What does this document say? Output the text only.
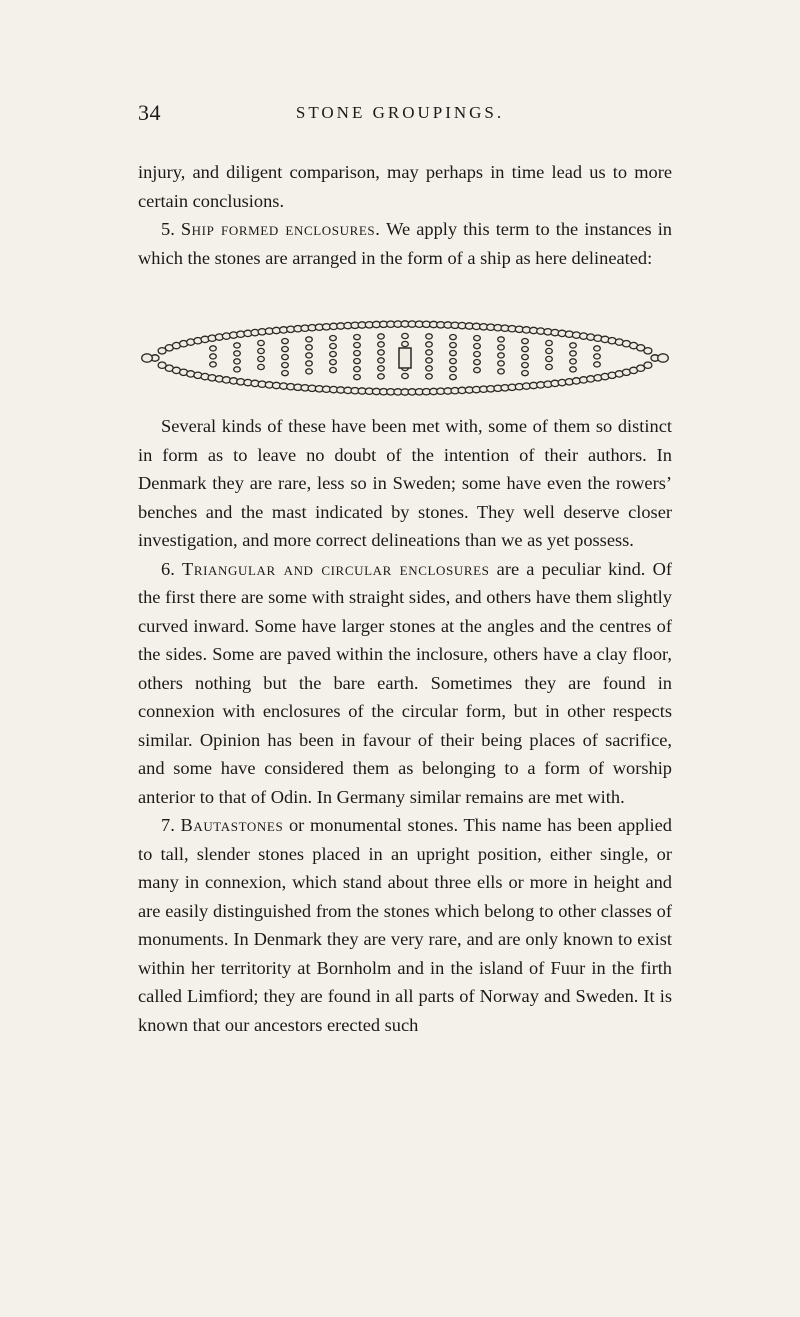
34	STONE GROUPINGS.

injury, and diligent comparison, may perhaps in time lead us to more certain conclusions.

5. Ship formed enclosures. We apply this term to the instances in which the stones are arranged in the form of a ship as here delineated:

Several kinds of these have been met with, some of them so distinct in form as to leave no doubt of the intention of their authors. In Denmark they are rare, less so in Sweden; some have even the rowers’ benches and the mast indicated by stones. They well deserve closer investigation, and more correct delineations than we as yet possess.

6. Triangular and circular enclosures are a peculiar kind. Of the first there are some with straight sides, and others have them slightly curved inward. Some have larger stones at the angles and the centres of the sides. Some are paved within the inclosure, others have a clay floor, others nothing but the bare earth. Sometimes they are found in connexion with enclosures of the circular form, but in other respects similar. Opinion has been in favour of their being places of sacrifice, and some have considered them as belonging to a form of worship anterior to that of Odin. In Germany similar remains are met with.

7. Bautastones or monumental stones. This name has been applied to tall, slender stones placed in an upright position, either single, or many in connexion, which stand about three ells or more in height and are easily distinguished from the stones which belong to other classes of monuments. In Denmark they are very rare, and are only known to exist within her territority at Bornholm and in the island of Fuur in the firth called Limfiord; they are found in all parts of Norway and Sweden. It is known that our ancestors erected such
